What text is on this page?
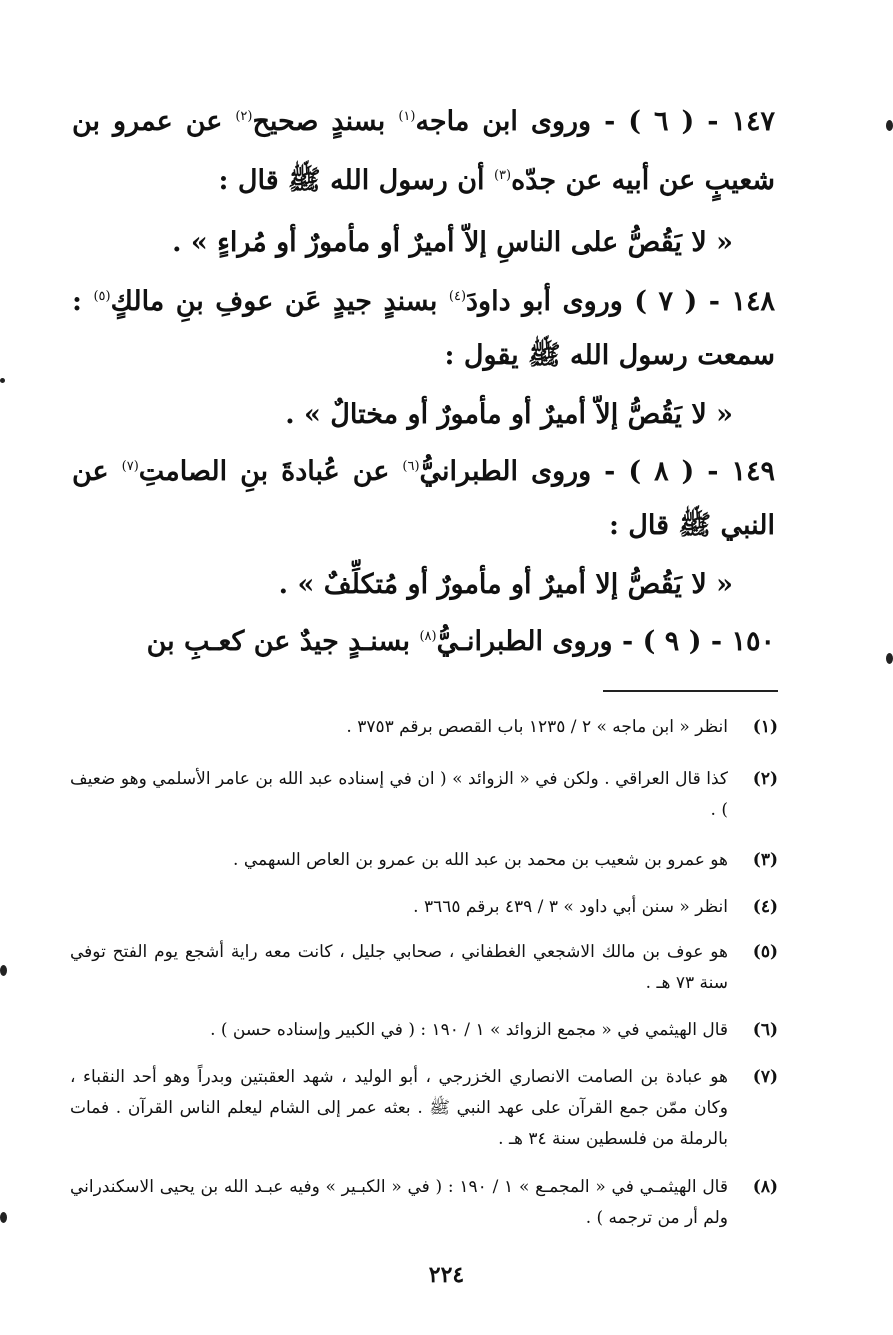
١٤٧ - ( ٦ ) - وروى ابن ماجه$^{(١)}$ بسندٍ صحيح$^{(٢)}$ عن عمرو بن شعيبٍ عن أبيه عن جدّه$^{(٣)}$ أن رسول الله ﷺ قال :

« لا يَقُصُّ على الناسِ إلاّ أميرٌ أو مأمورٌ أو مُراءٍ » .

١٤٨ - ( ٧ ) وروى أبو داودَ$^{(٤)}$ بسندٍ جيدٍ عَن عوفِ بنِ مالكٍ$^{(٥)}$ : سمعت رسول الله ﷺ يقول :

« لا يَقُصُّ إلاّ أميرٌ أو مأمورٌ أو مختالٌ » .

١٤٩ - ( ٨ ) - وروى الطبرانيُّ$^{(٦)}$ عن عُبادةَ بنِ الصامتِ$^{(٧)}$ عن النبي ﷺ قال :

« لا يَقُصُّ إلا أميرٌ أو مأمورٌ أو مُتكلِّفٌ » .

١٥٠ - ( ٩ ) - وروى الطبرانـيُّ$^{(٨)}$ بسنـدٍ جيدٌ عن كعـبِ بن

(١)
انظر « ابن ماجه » ٢ / ١٢٣٥ باب القصص برقم ٣٧٥٣ .
(٢)
كذا قال العراقي . ولكن في « الزوائد » ( ان في إسناده عبد الله بن عامر الأسلمي وهو ضعيف ) .
(٣)
هو عمرو بن شعيب بن محمد بن عبد الله بن عمرو بن العاص السهمي .
(٤)
انظر « سنن أبي داود » ٣ / ٤٣٩ برقم ٣٦٦٥ .
(٥)
هو عوف بن مالك الاشجعي الغطفاني ، صحابي جليل ، كانت معه راية أشجع يوم الفتح توفي سنة ٧٣ هـ .
(٦)
قال الهيثمي في « مجمع الزوائد » ١ / ١٩٠ : ( في الكبير وإسناده حسن ) .
(٧)
هو عبادة بن الصامت الانصاري الخزرجي ، أبو الوليد ، شهد العقبتين وبدراً وهو أحد النقباء ، وكان ممّن جمع القرآن على عهد النبي ﷺ . بعثه عمر إلى الشام ليعلم الناس القرآن . فمات بالرملة من فلسطين سنة ٣٤ هـ .
(٨)
قال الهيثمـي في « المجمـع » ١ / ١٩٠ : ( في « الكبـير » وفيه عبـد الله بن يحيى الاسكندراني ولم أر من ترجمه ) .
٢٢٤
